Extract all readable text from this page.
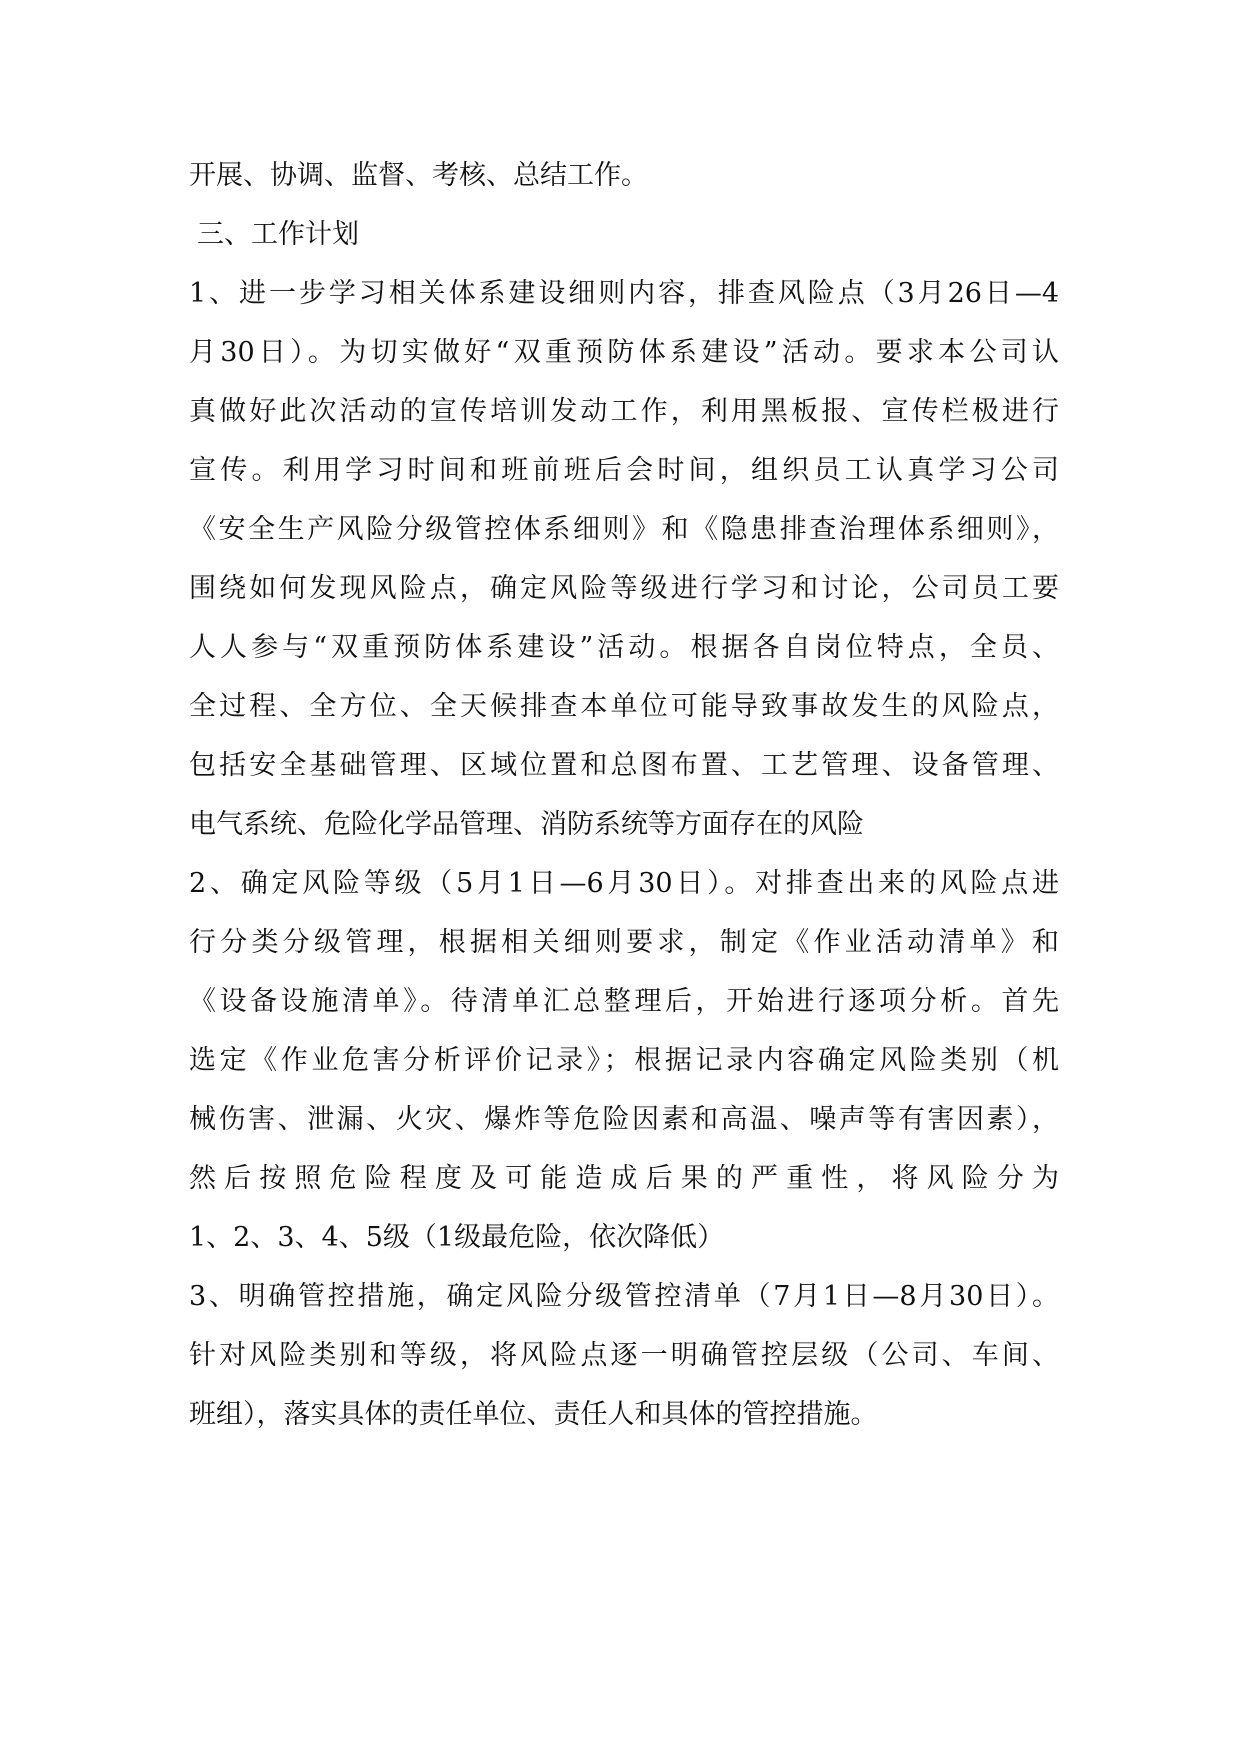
开展、协调、监督、考核、总结工作。
三、工作计划
1、进一步学习相关体系建设细则内容，排查风险点（3月26日—4
月30日）。为切实做好“双重预防体系建设”活动。要求本公司认
真做好此次活动的宣传培训发动工作，利用黑板报、宣传栏极进行
宣传。利用学习时间和班前班后会时间，组织员工认真学习公司
《安全生产风险分级管控体系细则》和《隐患排查治理体系细则》，
围绕如何发现风险点，确定风险等级进行学习和讨论，公司员工要
人人参与“双重预防体系建设”活动。根据各自岗位特点，全员、
全过程、全方位、全天候排查本单位可能导致事故发生的风险点，
包括安全基础管理、区域位置和总图布置、工艺管理、设备管理、
电气系统、危险化学品管理、消防系统等方面存在的风险
2、确定风险等级（5月1日—6月30日）。对排查出来的风险点进
行分类分级管理，根据相关细则要求，制定《作业活动清单》和
《设备设施清单》。待清单汇总整理后，开始进行逐项分析。首先
选定《作业危害分析评价记录》；根据记录内容确定风险类别（机
械伤害、泄漏、火灾、爆炸等危险因素和高温、噪声等有害因素），
然后按照危险程度及可能造成后果的严重性，将风险分为
1、2、3、4、5级（1级最危险，依次降低）
3、明确管控措施，确定风险分级管控清单（7月1日—8月30日）。
针对风险类别和等级，将风险点逐一明确管控层级（公司、车间、
班组），落实具体的责任单位、责任人和具体的管控措施。
